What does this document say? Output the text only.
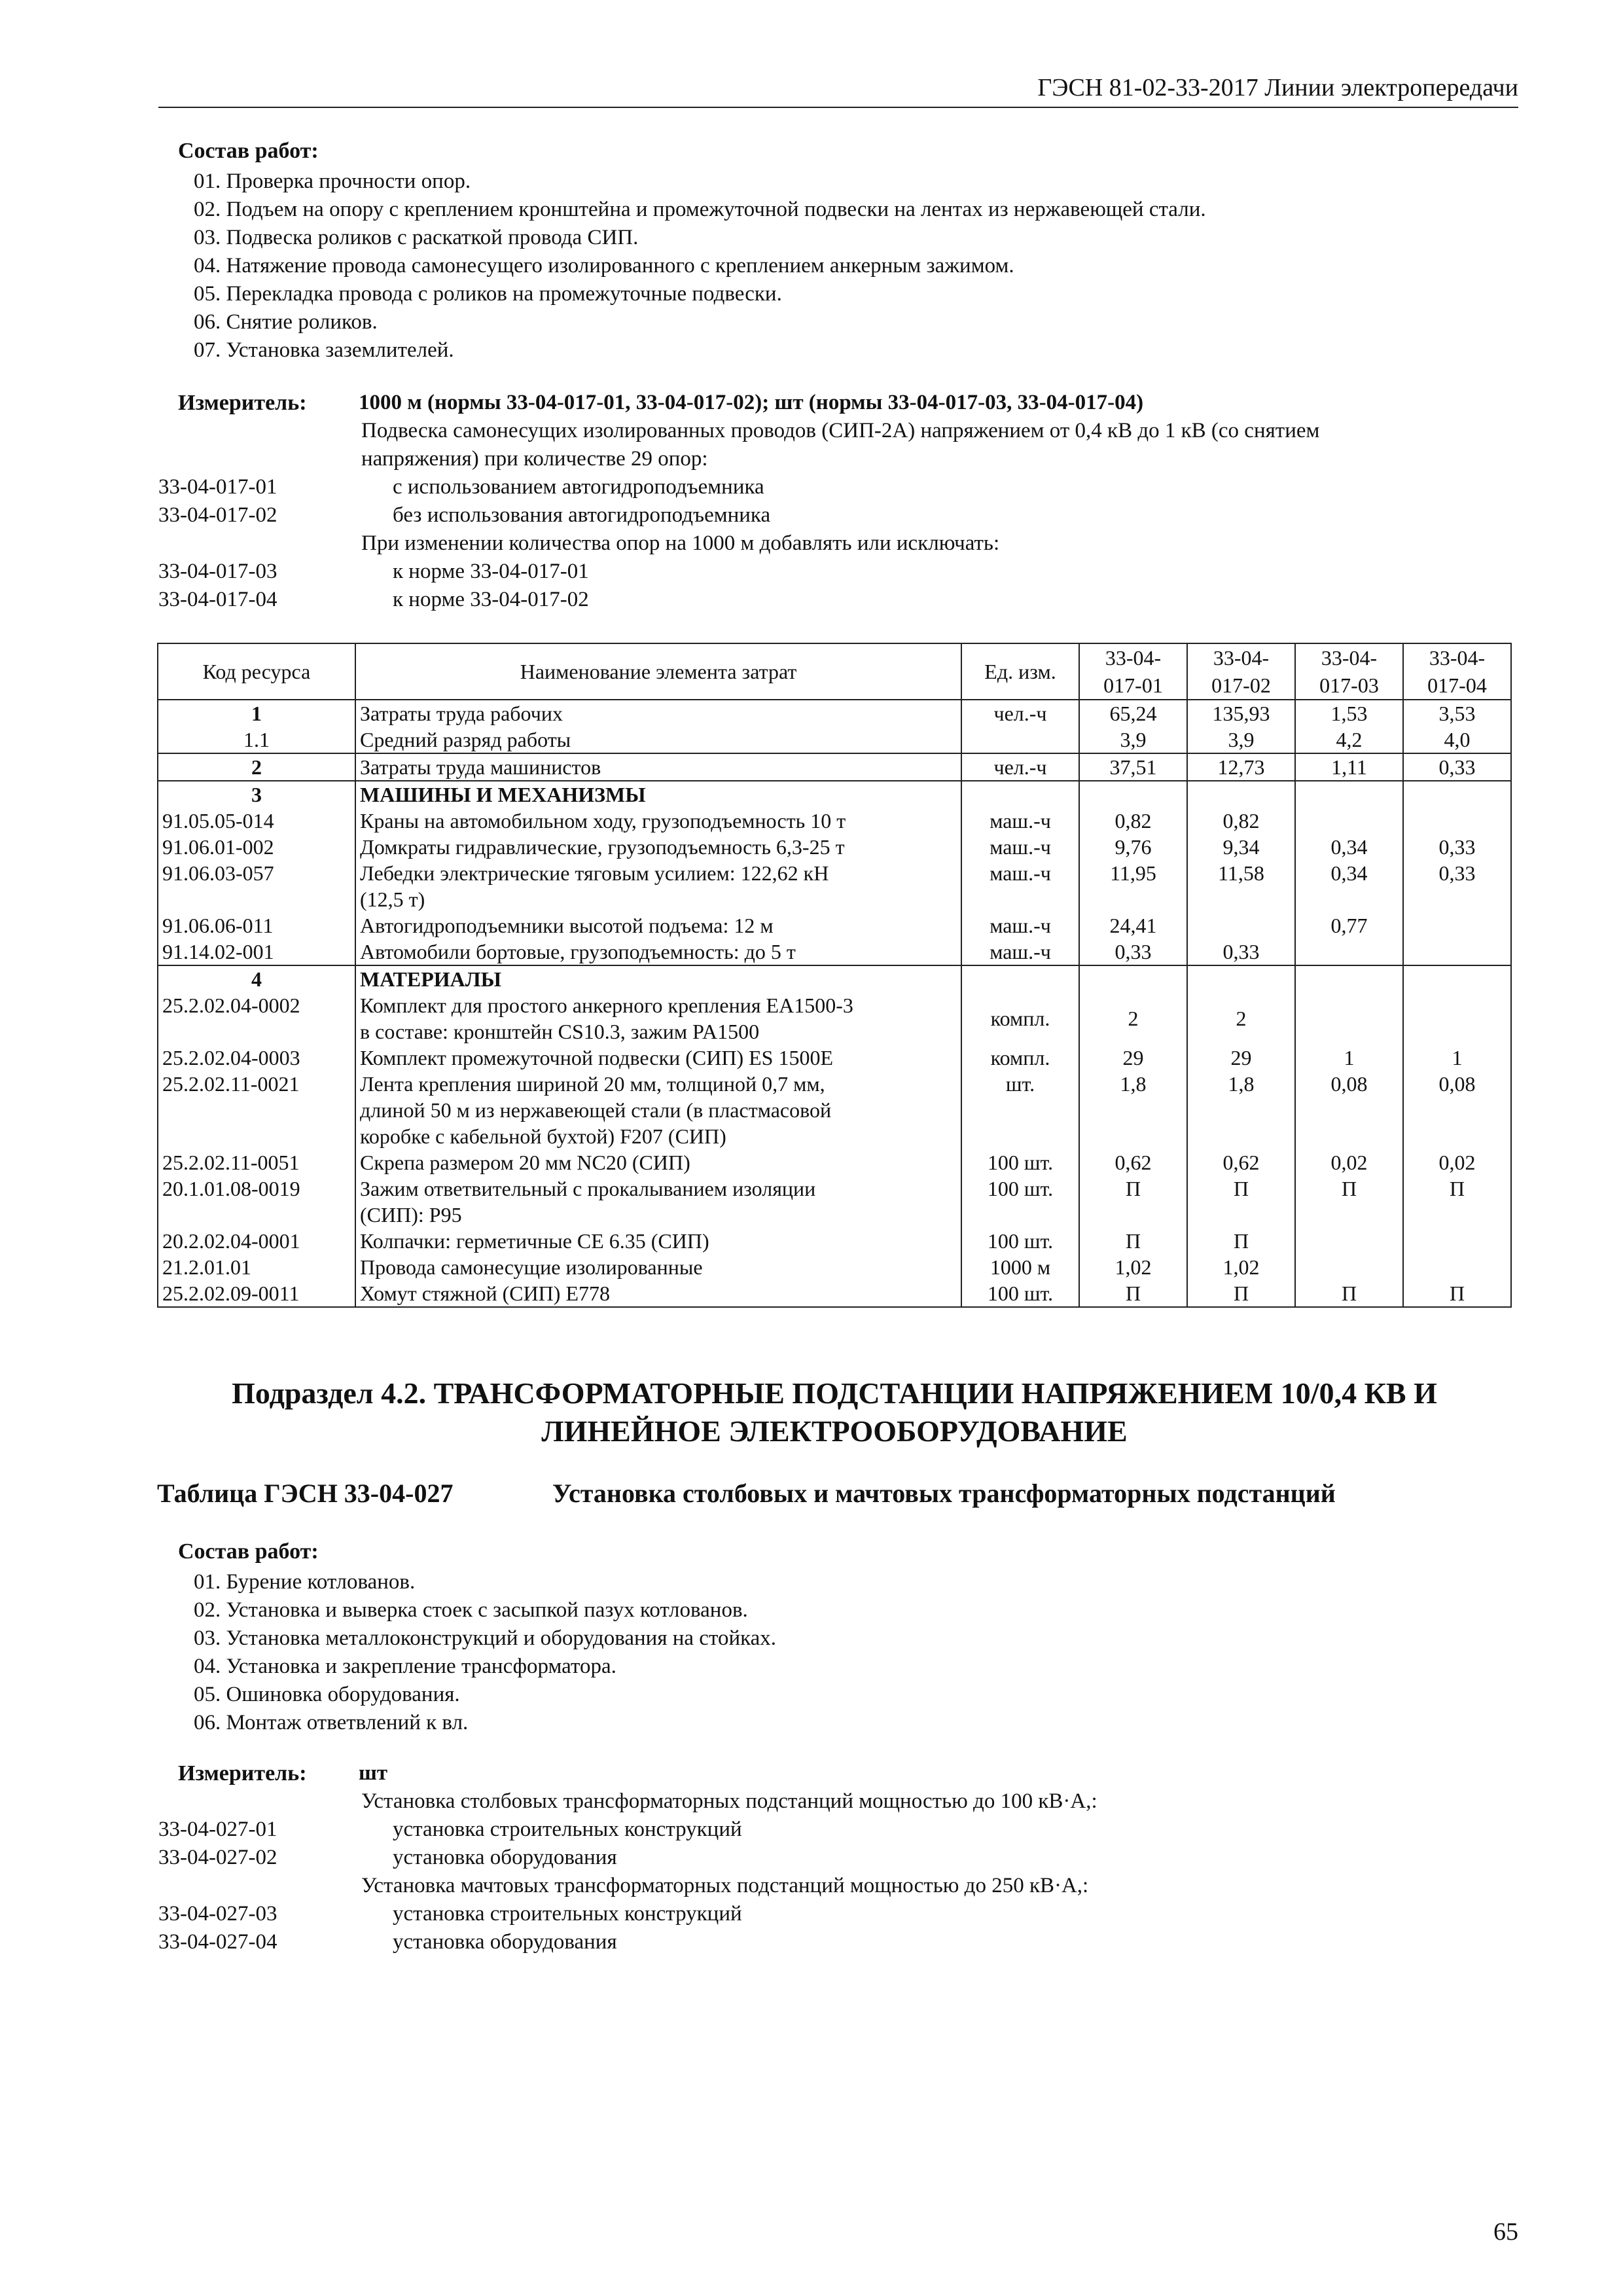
ГЭСН 81-02-33-2017 Линии электропередачи
Состав работ:
01. Проверка прочности опор.
02. Подъем на опору с креплением кронштейна и промежуточной подвески на лентах из нержавеющей стали.
03. Подвеска роликов с раскаткой провода СИП.
04. Натяжение провода самонесущего изолированного с креплением анкерным зажимом.
05. Перекладка провода с роликов на промежуточные подвески.
06. Снятие роликов.
07. Установка заземлителей.
Измеритель: 1000 м (нормы 33-04-017-01, 33-04-017-02); шт (нормы 33-04-017-03, 33-04-017-04)
Подвеска самонесущих изолированных проводов (СИП-2А) напряжением от 0,4 кВ до 1 кВ (со снятием
напряжения) при количестве 29 опор:
33-04-017-01	с использованием автогидроподъемника
33-04-017-02	без использования автогидроподъемника
При изменении количества опор на 1000 м добавлять или исключать:
33-04-017-03	к норме 33-04-017-01
33-04-017-04	к норме 33-04-017-02
Код ресурса	Наименование элемента затрат	Ед. изм.	33-04-
017-01	33-04-
017-02	33-04-
017-03	33-04-
017-04
1	Затраты труда рабочих	чел.-ч	65,24	135,93	1,53	3,53
1.1	Средний разряд работы		3,9	3,9	4,2	4,0
2	Затраты труда машинистов	чел.-ч	37,51	12,73	1,11	0,33
3	МАШИНЫ И МЕХАНИЗМЫ					
91.05.05-014	Краны на автомобильном ходу, грузоподъемность 10 т	маш.-ч	0,82	0,82		
91.06.01-002	Домкраты гидравлические, грузоподъемность 6,3-25 т	маш.-ч	9,76	9,34	0,34	0,33
91.06.03-057	Лебедки электрические тяговым усилием: 122,62 кН
(12,5 т)	маш.-ч	11,95	11,58	0,34	0,33
91.06.06-011	Автогидроподъемники высотой подъема: 12 м	маш.-ч	24,41		0,77	
91.14.02-001	Автомобили бортовые, грузоподъемность: до 5 т	маш.-ч	0,33	0,33		
4	МАТЕРИАЛЫ					
25.2.02.04-0002	Комплект для простого анкерного крепления EA1500-3
в составе: кронштейн CS10.3, зажим PA1500	компл.	2	2		
25.2.02.04-0003	Комплект промежуточной подвески (СИП) ES 1500E	компл.	29	29	1	1
25.2.02.11-0021	Лента крепления шириной 20 мм, толщиной 0,7 мм,
длиной 50 м из нержавеющей стали (в пластмасовой
коробке с кабельной бухтой) F207 (СИП)	шт.	1,8	1,8	0,08	0,08
25.2.02.11-0051	Скрепа размером 20 мм NC20 (СИП)	100 шт.	0,62	0,62	0,02	0,02
20.1.01.08-0019	Зажим ответвительный с прокалыванием изоляции
(СИП): P95	100 шт.	П	П	П	П
20.2.02.04-0001	Колпачки: герметичные CE 6.35 (СИП)	100 шт.	П	П		
21.2.01.01	Провода самонесущие изолированные	1000 м	1,02	1,02		
25.2.02.09-0011	Хомут стяжной (СИП) E778	100 шт.	П	П	П	П
Подраздел 4.2. ТРАНСФОРМАТОРНЫЕ ПОДСТАНЦИИ НАПРЯЖЕНИЕМ 10/0,4 КВ И
ЛИНЕЙНОЕ ЭЛЕКТРООБОРУДОВАНИЕ
Таблица ГЭСН 33-04-027	Установка столбовых и мачтовых трансформаторных подстанций
Состав работ:
01. Бурение котлованов.
02. Установка и выверка стоек с засыпкой пазух котлованов.
03. Установка металлоконструкций и оборудования на стойках.
04. Установка и закрепление трансформатора.
05. Ошиновка оборудования.
06. Монтаж ответвлений к вл.
Измеритель: шт
Установка столбовых трансформаторных подстанций мощностью до 100 кВ·А,:
33-04-027-01	установка строительных конструкций
33-04-027-02	установка оборудования
Установка мачтовых трансформаторных подстанций мощностью до 250 кВ·А,:
33-04-027-03	установка строительных конструкций
33-04-027-04	установка оборудования
65
